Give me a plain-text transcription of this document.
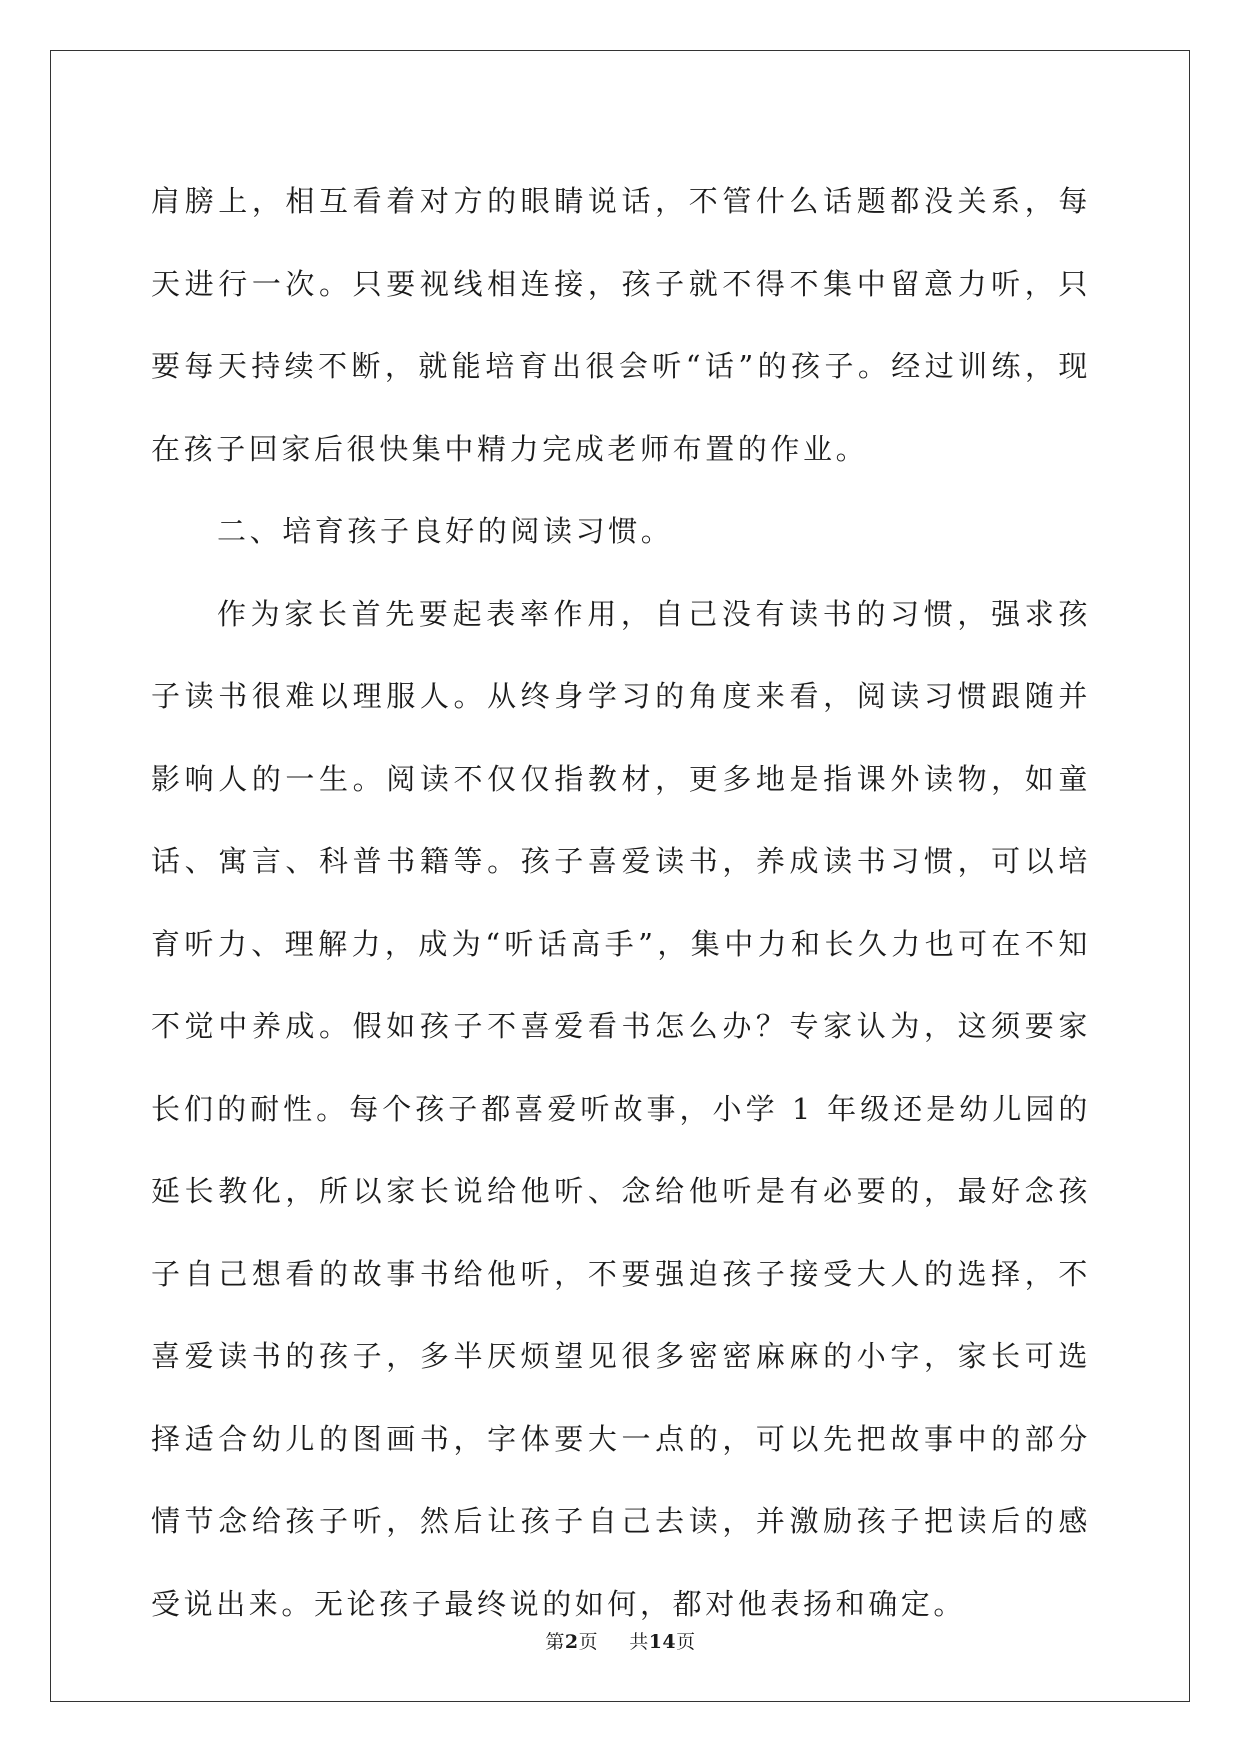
肩膀上，相互看着对方的眼睛说话，不管什么话题都没关系，每天进行一次。只要视线相连接，孩子就不得不集中留意力听，只要每天持续不断，就能培育出很会听“话”的孩子。经过训练，现在孩子回家后很快集中精力完成老师布置的作业。

二、培育孩子良好的阅读习惯。

作为家长首先要起表率作用，自己没有读书的习惯，强求孩子读书很难以理服人。从终身学习的角度来看，阅读习惯跟随并影响人的一生。阅读不仅仅指教材，更多地是指课外读物，如童话、寓言、科普书籍等。孩子喜爱读书，养成读书习惯，可以培育听力、理解力，成为“听话高手”，集中力和长久力也可在不知不觉中养成。假如孩子不喜爱看书怎么办？专家认为，这须要家长们的耐性。每个孩子都喜爱听故事，小学 1 年级还是幼儿园的延长教化，所以家长说给他听、念给他听是有必要的，最好念孩子自己想看的故事书给他听，不要强迫孩子接受大人的选择，不喜爱读书的孩子，多半厌烦望见很多密密麻麻的小字，家长可选择适合幼儿的图画书，字体要大一点的，可以先把故事中的部分情节念给孩子听，然后让孩子自己去读，并激励孩子把读后的感受说出来。无论孩子最终说的如何，都对他表扬和确定。

第2页 共14页
